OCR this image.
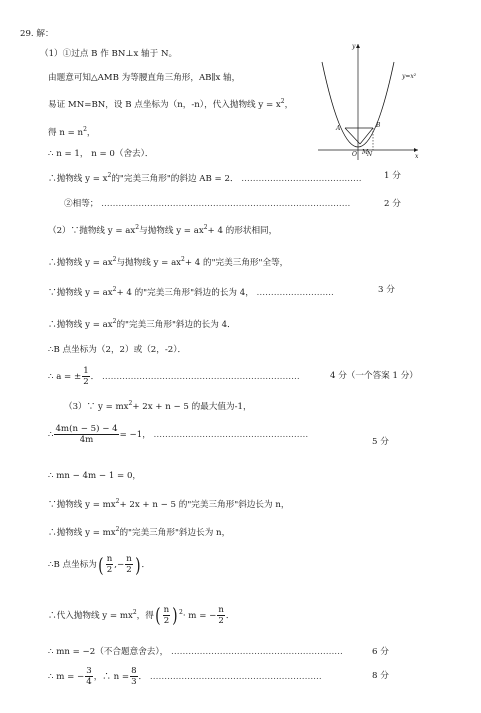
29. 解：
（1）①过点 B 作 BN⊥x 轴于 N。
由题意可知△AMB 为等腰直角三角形，AB∥x 轴，
易证 MN=BN，设 B 点坐标为（n，-n），代入抛物线 $y = x^2$，
得 $n = n^2$，
∴ n = 1， n = 0（舍去）．
∴抛物线 $y = x^2$的"完美三角形"的斜边 AB = 2． ……………………………………	1 分
②相等； ……………………………………………………………………………	2 分
（2）∵抛物线 $y = ax^2$与抛物线 $y = ax^2+ 4$ 的形状相同，
∴抛物线 $y = ax^2$与抛物线 $y = ax^2+ 4$ 的"完美三角形"全等，
∵抛物线 $y = ax^2+ 4$ 的"完美三角形"斜边的长为 4， ………………………	3 分
∴抛物线 $y = ax^2$的"完美三角形"斜边的长为 4．
∴B 点坐标为（2，2）或（2，-2）．
∴ a = ± $\frac{1}{2}$ ． ……………………………………………………………	4 分（一个答案 1 分）
（3）∵ $y = mx^2+ 2x + n - 5$ 的最大值为-1，
∴ $\frac{4m(n - 5) - 4}{4m} = -1$， ………………………………………………
5 分
∴ mn − 4m − 1 = 0，
∵抛物线 $y = mx^2+ 2x + n - 5$ 的"完美三角形"斜边长为 n，
∴抛物线 $y = mx^2$的"完美三角形"斜边长为 n，
∴B 点坐标为( $\frac{n}{2}$ ,− $\frac{n}{2}$ )．
∴代入抛物线 $y = mx^2$，得( $\frac{n}{2} )^2\cdot m$ = − $\frac{n}{2}$ ．
∴ mn = −2（不合题意舍去）， ……………………………………………………	6 分
∴ m = − $\frac{3}{4}$ ，∴ $n = \frac{8}{3}$ ． ……………………………………………………	8 分
y
x
y=x²
A	B
O M
N
